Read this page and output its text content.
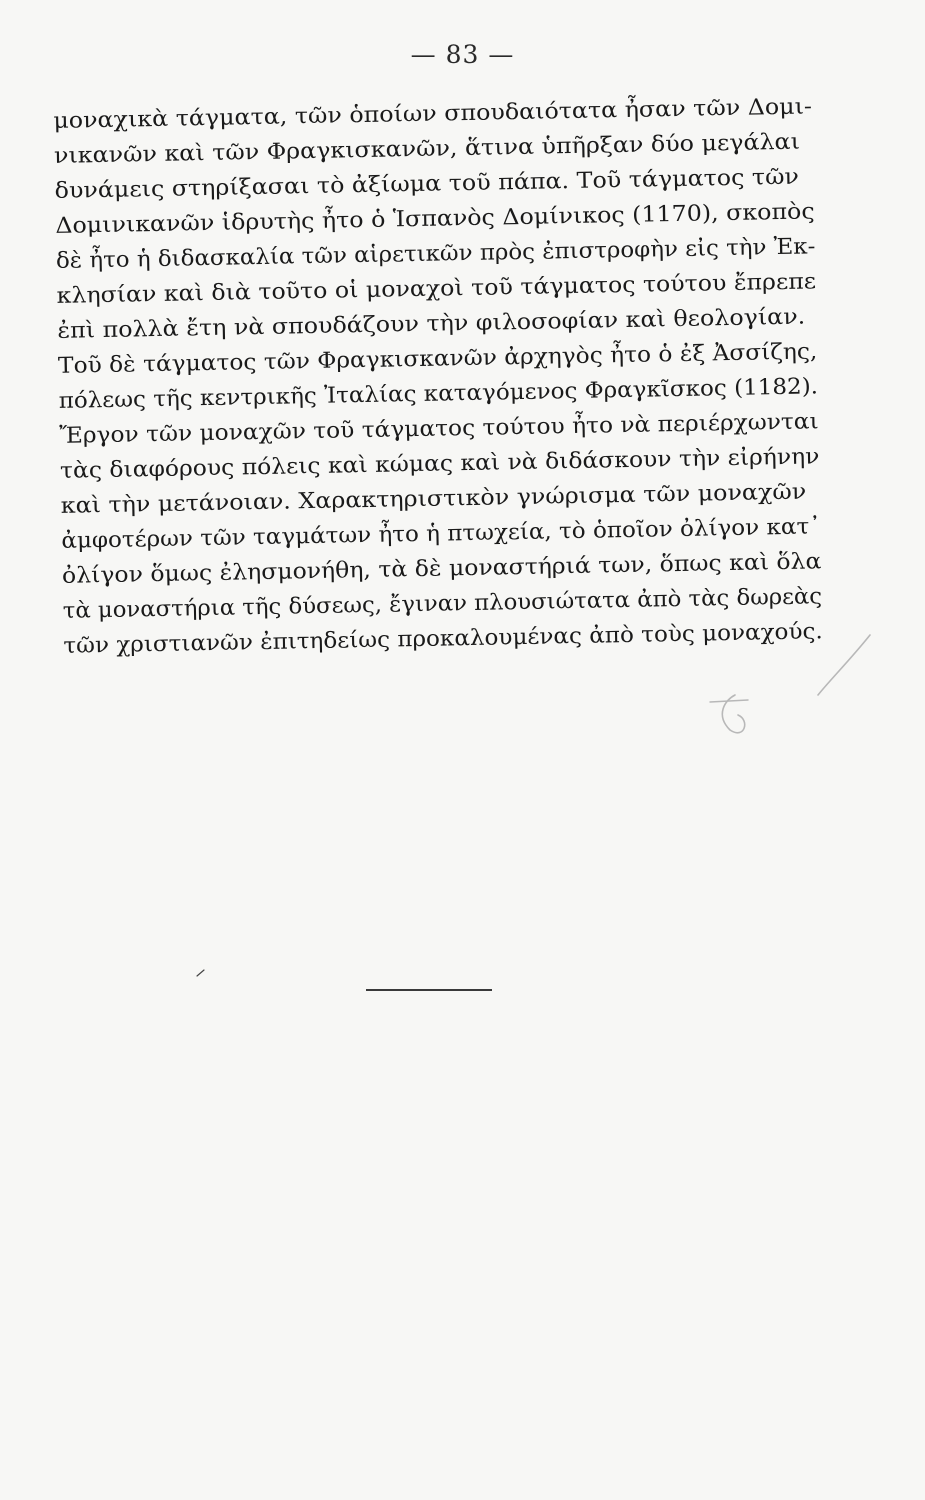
— 83 —
μοναχικὰ τάγματα, τῶν ὁποίων σπουδαιότατα ἦσαν τῶν Δομι-
νικανῶν καὶ τῶν Φραγκισκανῶν, ἅτινα ὑπῆρξαν δύο μεγάλαι
δυνάμεις στηρίξασαι τὸ ἀξίωμα τοῦ πάπα. Τοῦ τάγματος τῶν
Δομινικανῶν ἱδρυτὴς ἦτο ὁ Ἱσπανὸς Δομίνικος (1170), σκοπὸς
δὲ ἦτο ἡ διδασκαλία τῶν αἱρετικῶν πρὸς ἐπιστροφὴν εἰς τὴν Ἐκ-
κλησίαν καὶ διὰ τοῦτο οἱ μοναχοὶ τοῦ τάγματος τούτου ἔπρεπε
ἐπὶ πολλὰ ἔτη νὰ σπουδάζουν τὴν φιλοσοφίαν καὶ θεολογίαν.
Τοῦ δὲ τάγματος τῶν Φραγκισκανῶν ἀρχηγὸς ἦτο ὁ ἐξ Ἀσσίζης,
πόλεως τῆς κεντρικῆς Ἰταλίας καταγόμενος Φραγκῖσκος (1182).
Ἔργον τῶν μοναχῶν τοῦ τάγματος τούτου ἦτο νὰ περιέρχωνται
τὰς διαφόρους πόλεις καὶ κώμας καὶ νὰ διδάσκουν τὴν εἰρήνην
καὶ τὴν μετάνοιαν. Χαρακτηριστικὸν γνώρισμα τῶν μοναχῶν
ἀμφοτέρων τῶν ταγμάτων ἦτο ἡ πτωχεία, τὸ ὁποῖον ὀλίγον κατ᾿
ὀλίγον ὅμως ἐλησμονήθη, τὰ δὲ μοναστήριά των, ὅπως καὶ ὅλα
τὰ μοναστήρια τῆς δύσεως, ἔγιναν πλουσιώτατα ἀπὸ τὰς δωρεὰς
τῶν χριστιανῶν ἐπιτηδείως προκαλουμένας ἀπὸ τοὺς μοναχούς.
